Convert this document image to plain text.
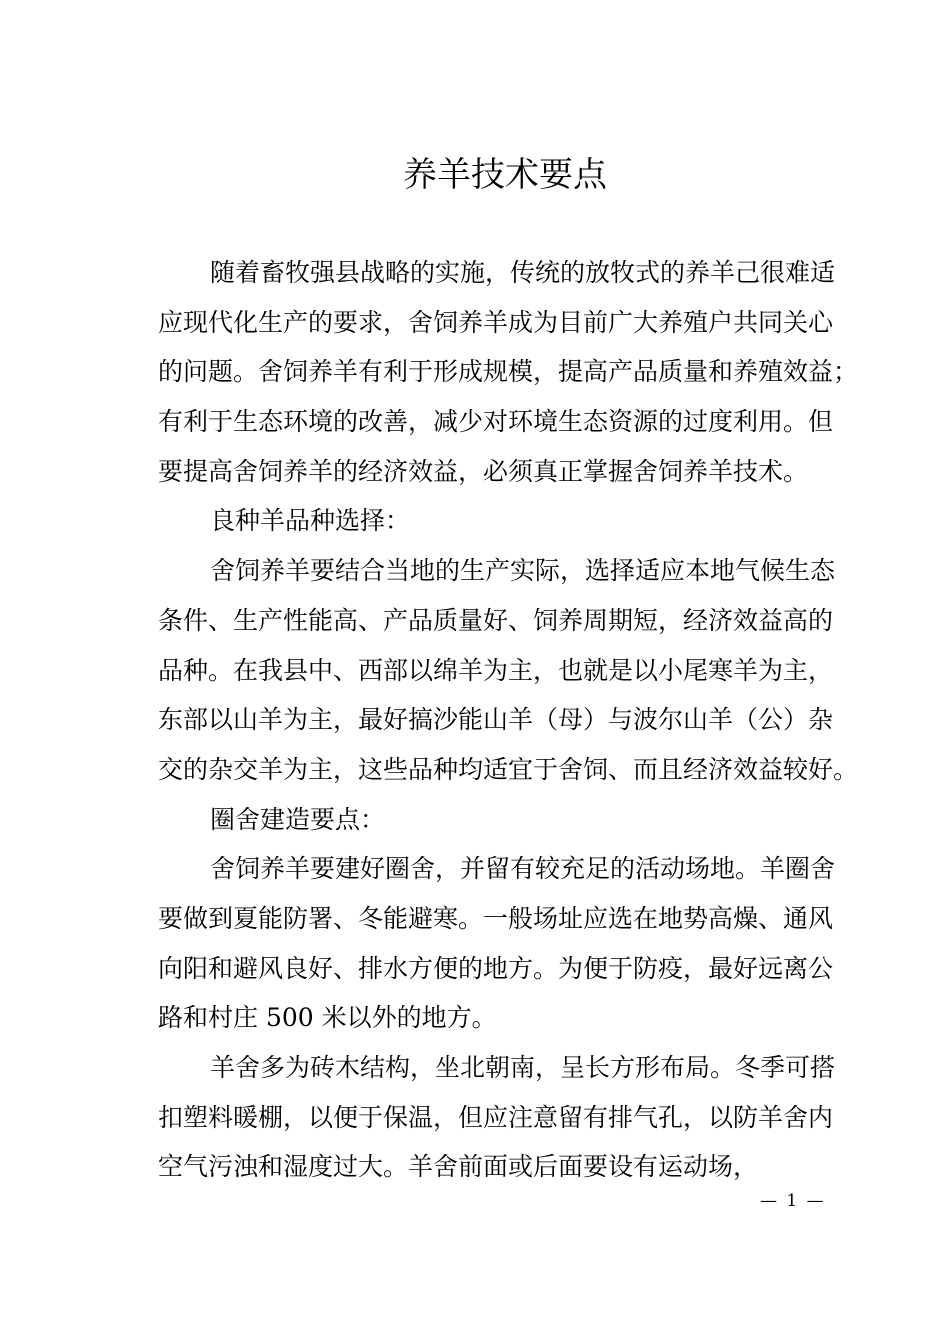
养羊技术要点
随着畜牧强县战略的实施，传统的放牧式的养羊己很难适
应现代化生产的要求，舍饲养羊成为目前广大养殖户共同关心
的问题。舍饲养羊有利于形成规模，提高产品质量和养殖效益；
有利于生态环境的改善，减少对环境生态资源的过度利用。但
要提高舍饲养羊的经济效益，必须真正掌握舍饲养羊技术。
良种羊品种选择：
舍饲养羊要结合当地的生产实际，选择适应本地气候生态
条件、生产性能高、产品质量好、饲养周期短，经济效益高的
品种。在我县中、西部以绵羊为主，也就是以小尾寒羊为主，
东部以山羊为主，最好搞沙能山羊（母）与波尔山羊（公）杂
交的杂交羊为主，这些品种均适宜于舍饲、而且经济效益较好。
圈舍建造要点：
舍饲养羊要建好圈舍，并留有较充足的活动场地。羊圈舍
要做到夏能防署、冬能避寒。一般场址应选在地势高燥、通风
向阳和避风良好、排水方便的地方。为便于防疫，最好远离公
路和村庄 500 米以外的地方。
羊舍多为砖木结构，坐北朝南，呈长方形布局。冬季可搭
扣塑料暖棚，以便于保温，但应注意留有排气孔，以防羊舍内
空气污浊和湿度过大。羊舍前面或后面要设有运动场，
— 1 —
